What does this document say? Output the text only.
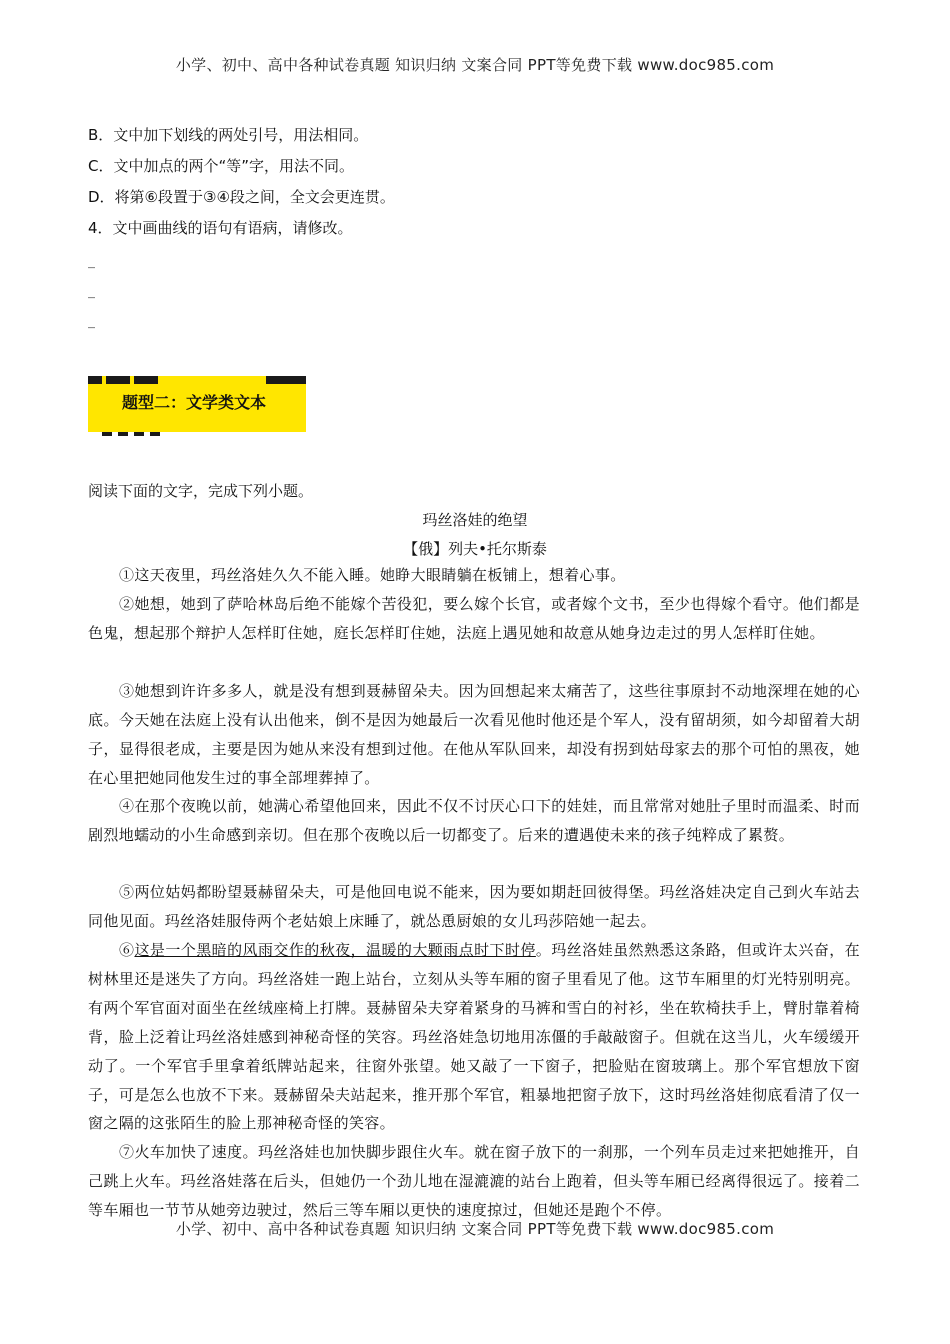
小学、初中、高中各种试卷真题 知识归纳 文案合同 PPT等免费下载 www.doc985.com
B．文中加下划线的两处引号，用法相同。
C．文中加点的两个“等”字，用法不同。
D．将第⑥段置于③④段之间，全文会更连贯。
4．文中画曲线的语句有语病，请修改。
_
_
_
题型二：文学类文本
阅读下面的文字，完成下列小题。
玛丝洛娃的绝望
【俄】列夫•托尔斯泰
①这天夜里，玛丝洛娃久久不能入睡。她睁大眼睛躺在板铺上，想着心事。
②她想，她到了萨哈林岛后绝不能嫁个苦役犯，要么嫁个长官，或者嫁个文书，至少也得嫁个看守。他们都是色鬼，想起那个辩护人怎样盯住她，庭长怎样盯住她，法庭上遇见她和故意从她身边走过的男人怎样盯住她。
③她想到许许多多人，就是没有想到聂赫留朵夫。因为回想起来太痛苦了，这些往事原封不动地深埋在她的心底。今天她在法庭上没有认出他来，倒不是因为她最后一次看见他时他还是个军人，没有留胡须，如今却留着大胡子，显得很老成，主要是因为她从来没有想到过他。在他从军队回来，却没有拐到姑母家去的那个可怕的黑夜，她在心里把她同他发生过的事全部埋葬掉了。
④在那个夜晚以前，她满心希望他回来，因此不仅不讨厌心口下的娃娃，而且常常对她肚子里时而温柔、时而剧烈地蠕动的小生命感到亲切。但在那个夜晚以后一切都变了。后来的遭遇使未来的孩子纯粹成了累赘。
⑤两位姑妈都盼望聂赫留朵夫，可是他回电说不能来，因为要如期赶回彼得堡。玛丝洛娃决定自己到火车站去同他见面。玛丝洛娃服侍两个老姑娘上床睡了，就怂恿厨娘的女儿玛莎陪她一起去。
⑥这是一个黑暗的风雨交作的秋夜，温暖的大颗雨点时下时停。玛丝洛娃虽然熟悉这条路，但或许太兴奋，在树林里还是迷失了方向。玛丝洛娃一跑上站台，立刻从头等车厢的窗子里看见了他。这节车厢里的灯光特别明亮。有两个军官面对面坐在丝绒座椅上打牌。聂赫留朵夫穿着紧身的马裤和雪白的衬衫，坐在软椅扶手上，臂肘靠着椅背，脸上泛着让玛丝洛娃感到神秘奇怪的笑容。玛丝洛娃急切地用冻僵的手敲敲窗子。但就在这当儿，火车缓缓开动了。一个军官手里拿着纸牌站起来，往窗外张望。她又敲了一下窗子，把脸贴在窗玻璃上。那个军官想放下窗子，可是怎么也放不下来。聂赫留朵夫站起来，推开那个军官，粗暴地把窗子放下，这时玛丝洛娃彻底看清了仅一窗之隔的这张陌生的脸上那神秘奇怪的笑容。
⑦火车加快了速度。玛丝洛娃也加快脚步跟住火车。就在窗子放下的一刹那，一个列车员走过来把她推开，自己跳上火车。玛丝洛娃落在后头，但她仍一个劲儿地在湿漉漉的站台上跑着，但头等车厢已经离得很远了。接着二等车厢也一节节从她旁边驶过，然后三等车厢以更快的速度掠过，但她还是跑个不停。
小学、初中、高中各种试卷真题 知识归纳 文案合同 PPT等免费下载 www.doc985.com
